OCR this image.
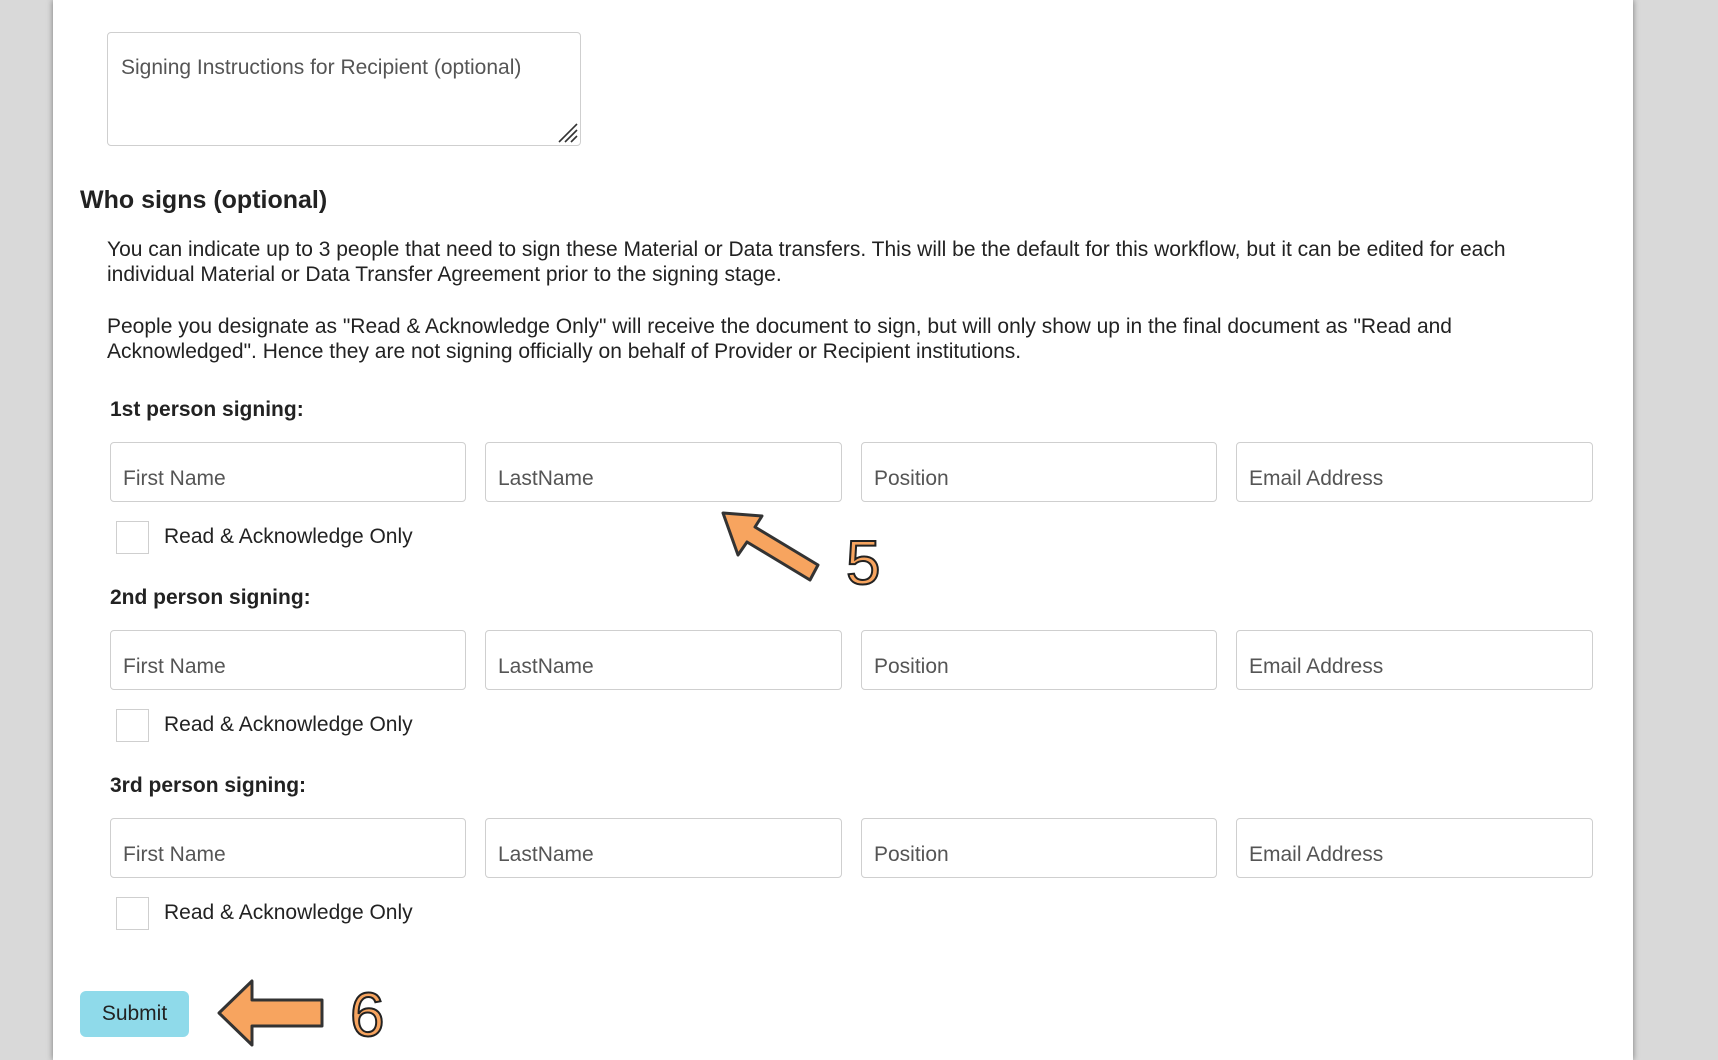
Signing Instructions for Recipient (optional)
Who signs (optional)

You can indicate up to 3 people that need to sign these Material or Data transfers. This will be the default for this workflow, but it can be edited for each
individual Material or Data Transfer Agreement prior to the signing stage.

People you designate as "Read & Acknowledge Only" will receive the document to sign, but will only show up in the final document as "Read and
Acknowledged". Hence they are not signing officially on behalf of Provider or Recipient institutions.

1st person signing:
First Name	LastName	Position	Email Address
Read & Acknowledge Only
2nd person signing:
First Name	LastName	Position	Email Address
Read & Acknowledge Only
3rd person signing:
First Name	LastName	Position	Email Address
Read & Acknowledge Only
Submit
5
6
